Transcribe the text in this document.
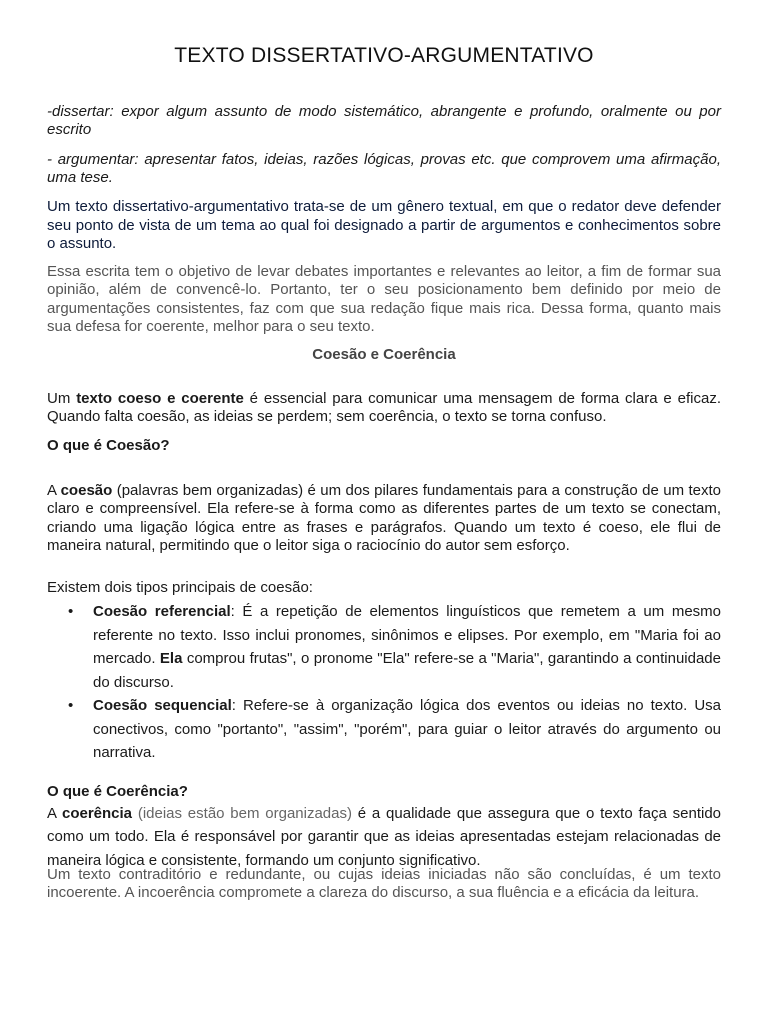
TEXTO DISSERTATIVO-ARGUMENTATIVO

-dissertar: expor algum assunto de modo sistemático, abrangente e profundo, oralmente ou por escrito

- argumentar: apresentar fatos, ideias, razões lógicas, provas etc. que comprovem uma afirmação, uma tese.

Um texto dissertativo-argumentativo trata-se de um gênero textual, em que o redator deve defender seu ponto de vista de um tema ao qual foi designado a partir de argumentos e conhecimentos sobre o assunto.

Essa escrita tem o objetivo de levar debates importantes e relevantes ao leitor, a fim de formar sua opinião, além de convencê-lo. Portanto, ter o seu posicionamento bem definido por meio de argumentações consistentes, faz com que sua redação fique mais rica. Dessa forma, quanto mais sua defesa for coerente, melhor para o seu texto.

Coesão e Coerência

Um texto coeso e coerente é essencial para comunicar uma mensagem de forma clara e eficaz. Quando falta coesão, as ideias se perdem; sem coerência, o texto se torna confuso.

O que é Coesão?

A coesão (palavras bem organizadas) é um dos pilares fundamentais para a construção de um texto claro e compreensível. Ela refere-se à forma como as diferentes partes de um texto se conectam, criando uma ligação lógica entre as frases e parágrafos. Quando um texto é coeso, ele flui de maneira natural, permitindo que o leitor siga o raciocínio do autor sem esforço.

Existem dois tipos principais de coesão:

• Coesão referencial: É a repetição de elementos linguísticos que remetem a um mesmo referente no texto. Isso inclui pronomes, sinônimos e elipses. Por exemplo, em "Maria foi ao mercado. Ela comprou frutas", o pronome "Ela" refere-se a "Maria", garantindo a continuidade do discurso.
• Coesão sequencial: Refere-se à organização lógica dos eventos ou ideias no texto. Usa conectivos, como "portanto", "assim", "porém", para guiar o leitor através do argumento ou narrativa.
O que é Coerência?

A coerência (ideias estão bem organizadas) é a qualidade que assegura que o texto faça sentido como um todo. Ela é responsável por garantir que as ideias apresentadas estejam relacionadas de maneira lógica e consistente, formando um conjunto significativo.

Um texto contraditório e redundante, ou cujas ideias iniciadas não são concluídas, é um texto incoerente. A incoerência compromete a clareza do discurso, a sua fluência e a eficácia da leitura.
